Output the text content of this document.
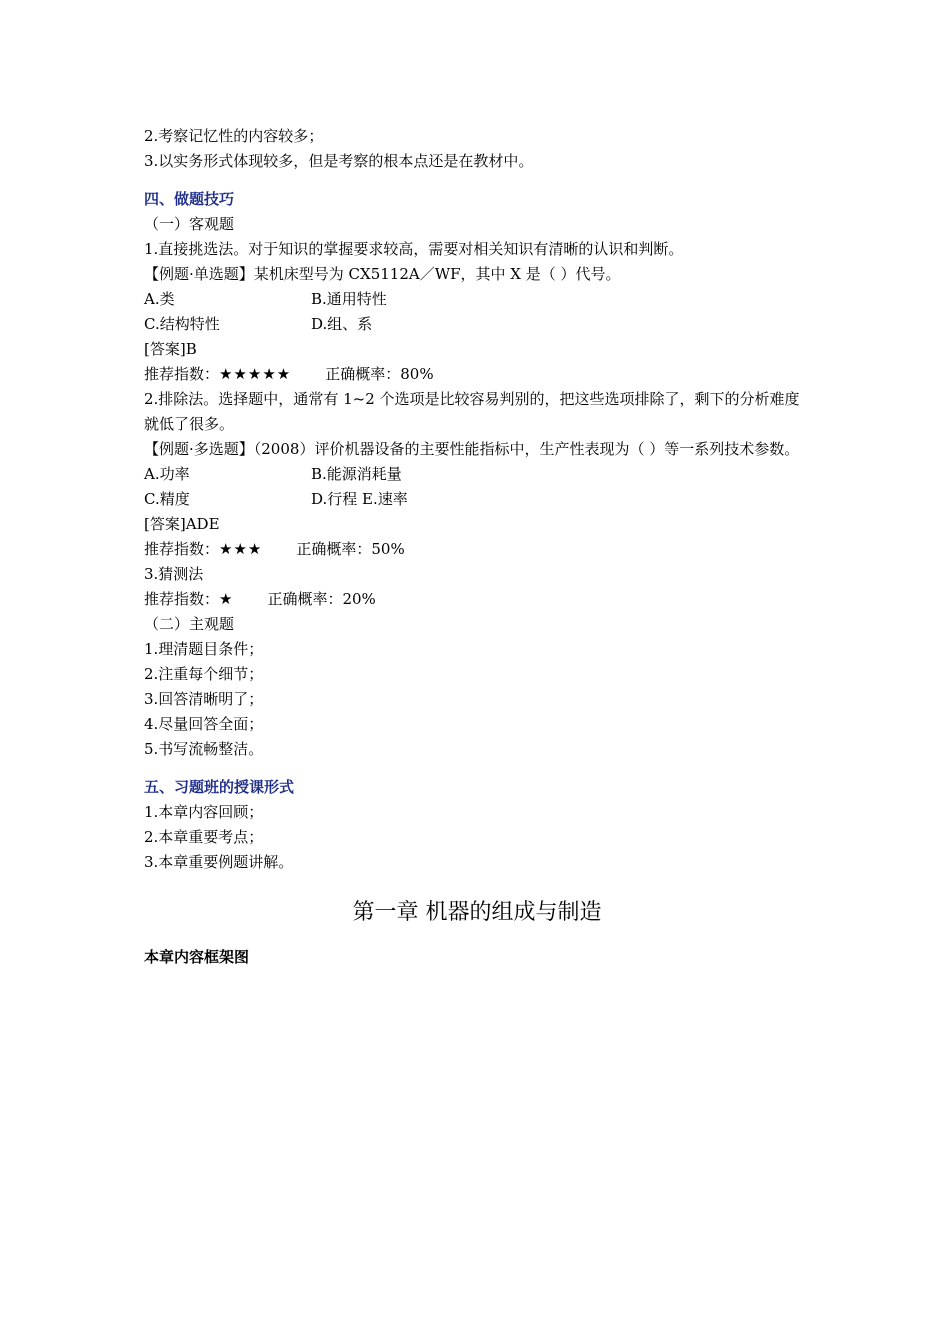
2.考察记忆性的内容较多；
3.以实务形式体现较多，但是考察的根本点还是在教材中。
四、做题技巧
（一）客观题
1.直接挑选法。对于知识的掌握要求较高，需要对相关知识有清晰的认识和判断。
【例题·单选题】某机床型号为 CX5112A／WF，其中 X 是（ ）代号。
A.类	B.通用特性
C.结构特性	D.组、系
[答案]B
推荐指数：★★★★★ 正确概率：80%
2.排除法。选择题中，通常有 1~2 个选项是比较容易判别的，把这些选项排除了，剩下的分析难度就低了很多。
【例题·多选题】（2008）评价机器设备的主要性能指标中，生产性表现为（ ）等一系列技术参数。
A.功率	B.能源消耗量
C.精度	D.行程 E.速率
[答案]ADE
推荐指数：★★★ 正确概率：50%
3.猜测法
推荐指数：★ 正确概率：20%
（二）主观题
1.理清题目条件；
2.注重每个细节；
3.回答清晰明了；
4.尽量回答全面；
5.书写流畅整洁。
五、习题班的授课形式
1.本章内容回顾；
2.本章重要考点；
3.本章重要例题讲解。
第一章 机器的组成与制造
本章内容框架图
